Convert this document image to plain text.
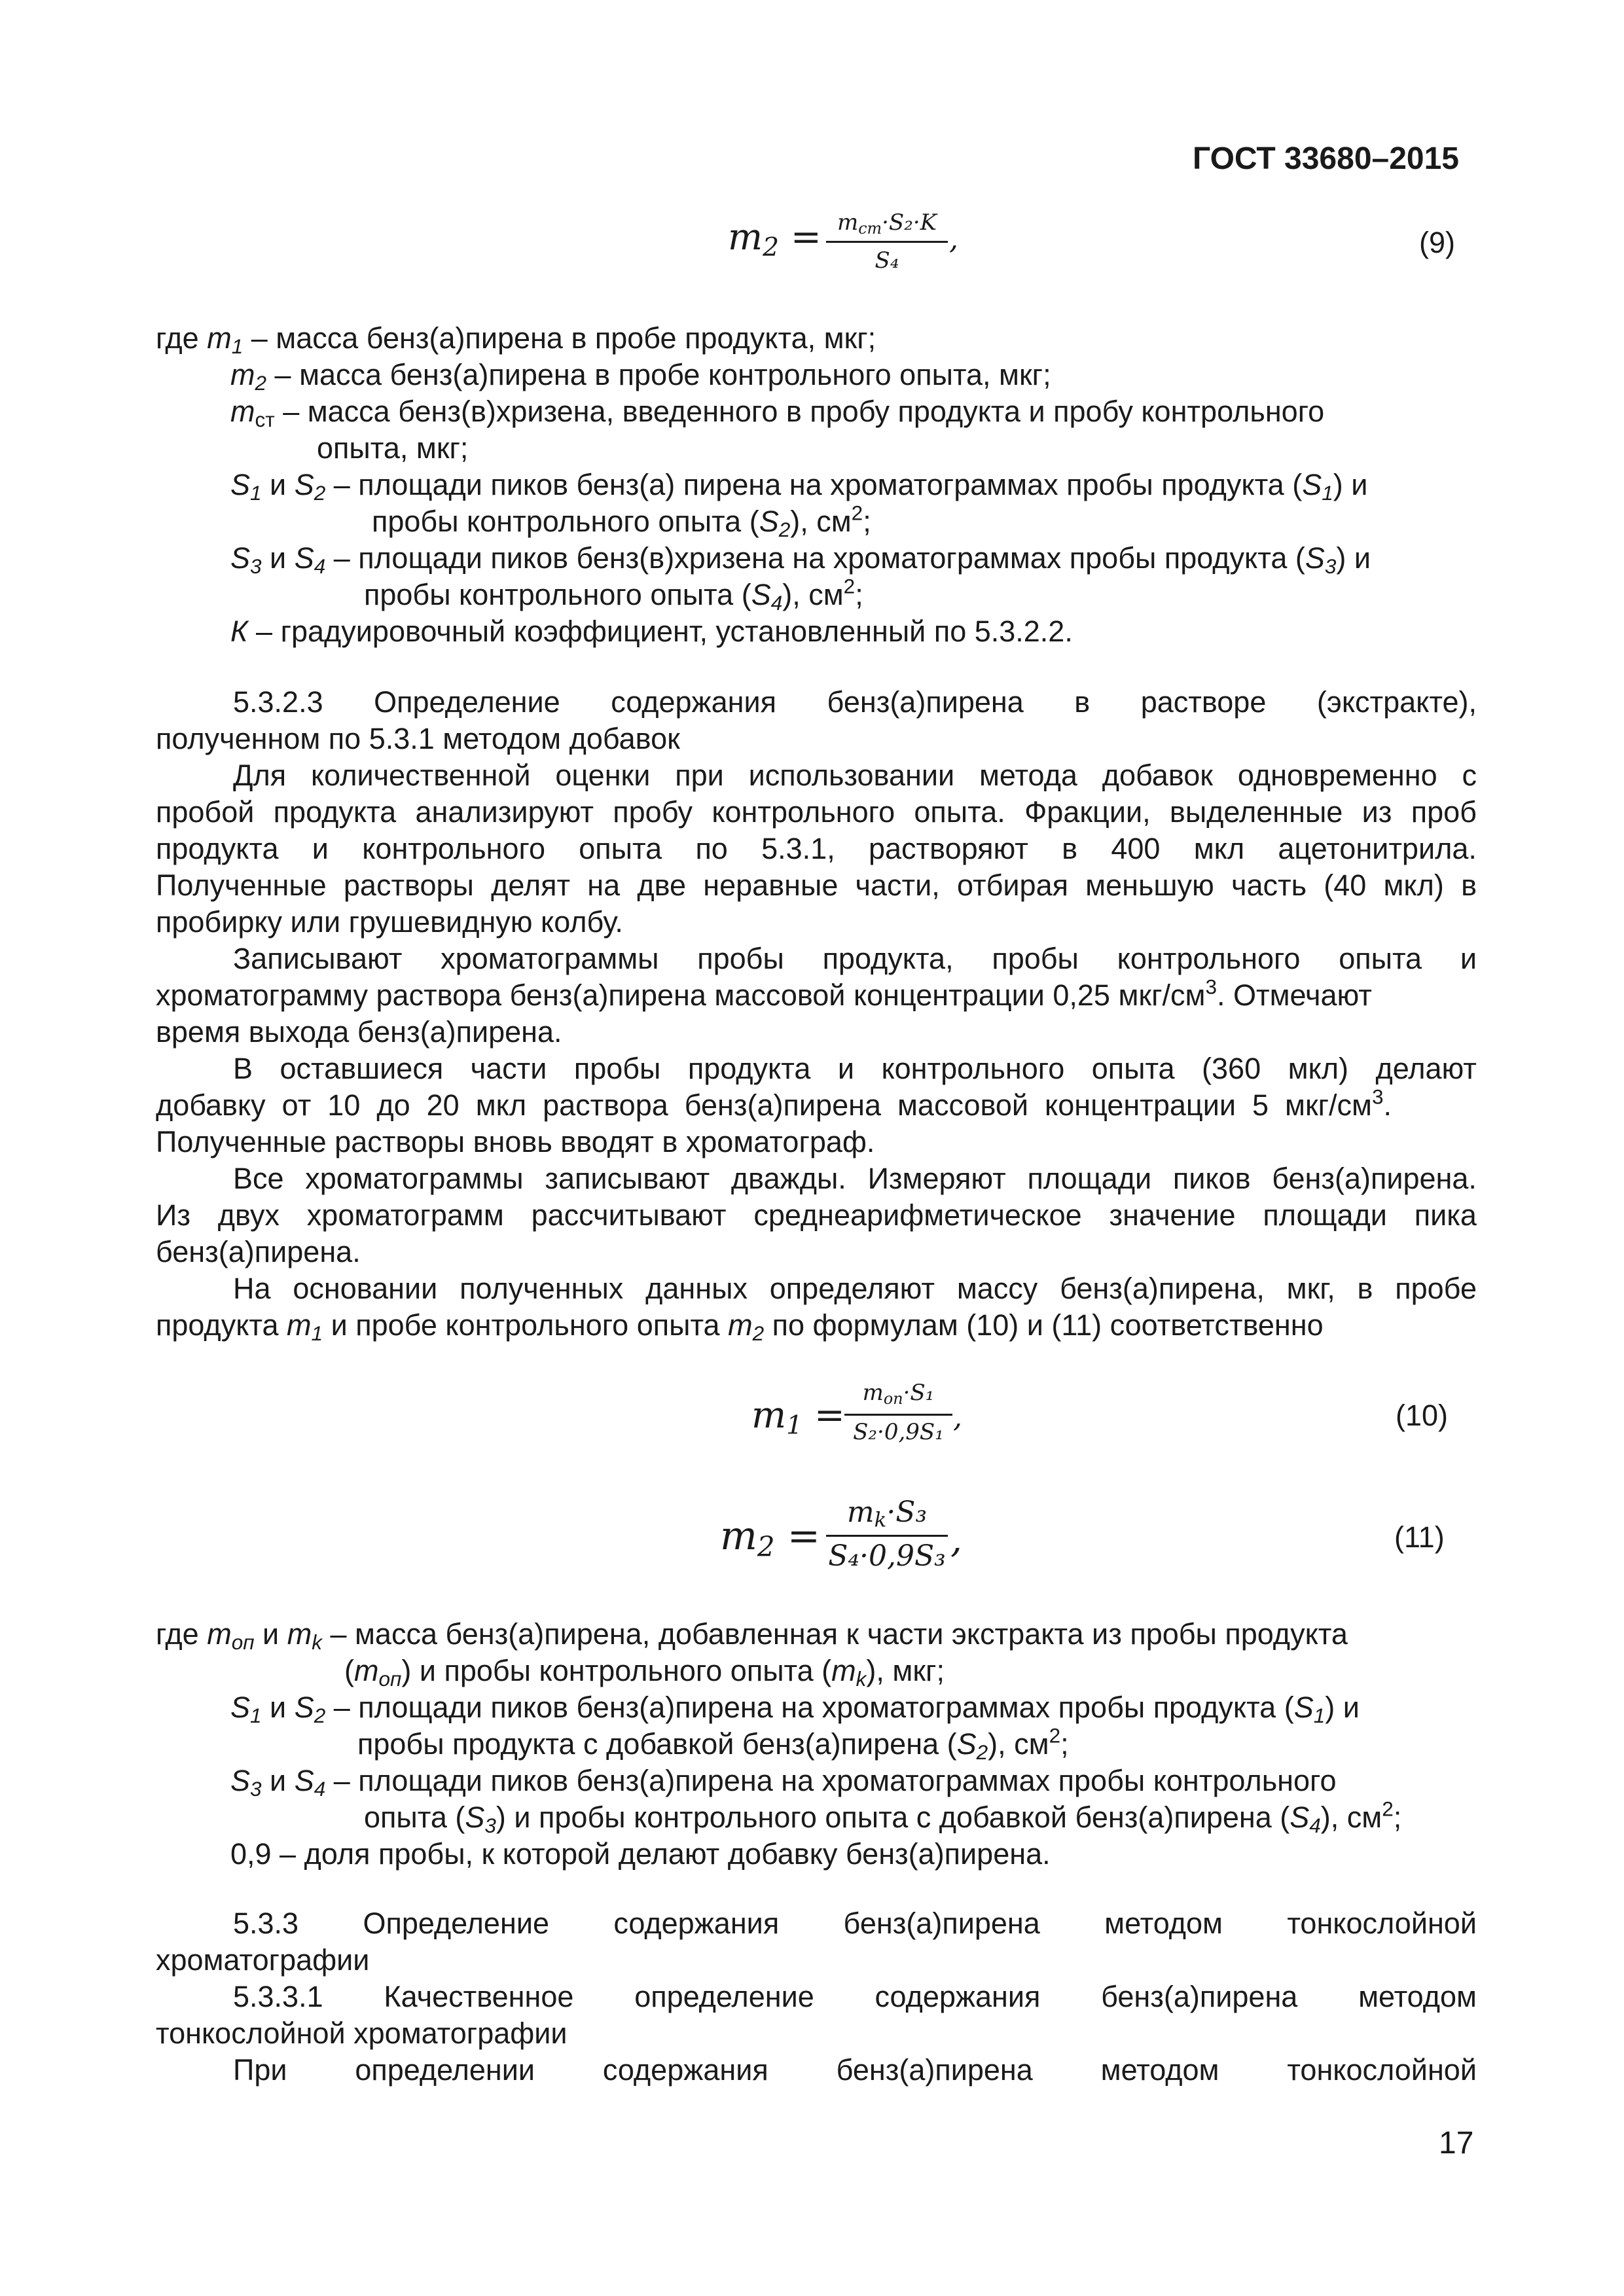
ГОСТ 33680–2015
$m_2 = m_{ст}\cdot S_2\cdot K$
S₄
,	(9)
где $m_1$ – масса бенз(а)пирена в пробе продукта, мкг;
$m_2$ – масса бенз(а)пирена в пробе контрольного опыта, мкг;
$m_{ст}$ – масса бенз(в)хризена, введенного в пробу продукта и пробу контрольного
опыта, мкг;
$S_1$ и $S_2$ – площади пиков бенз(а) пирена на хроматограммах пробы продукта $(S_1)$ и
пробы контрольного опыта $(S_2)$, $см^2$;
$S_3$ и $S_4$ – площади пиков бенз(в)хризена на хроматограммах пробы продукта $(S_3)$ и
пробы контрольного опыта $(S_4)$, $см^2$;
К – градуировочный коэффициент, установленный по 5.3.2.2.
5.3.2.3 Определение содержания бенз(а)пирена в растворе (экстракте),
полученном по 5.3.1 методом добавок
Для количественной оценки при использовании метода добавок одновременно с
пробой продукта анализируют пробу контрольного опыта. Фракции, выделенные из проб
продукта и контрольного опыта по 5.3.1, растворяют в 400 мкл ацетонитрила.
Полученные растворы делят на две неравные части, отбирая меньшую часть (40 мкл) в
пробирку или грушевидную колбу.
Записывают хроматограммы пробы продукта, пробы контрольного опыта и
хроматограмму раствора бенз(а)пирена массовой концентрации 0,25 мкг/$см^3$. Отмечают
время выхода бенз(а)пирена.
В оставшиеся части пробы продукта и контрольного опыта (360 мкл) делают
добавку  от  10  до  20  мкл  раствора  бенз(а)пирена  массовой  концентрации  5  мкг/$см^3$.
Полученные растворы вновь вводят в хроматограф.
Все хроматограммы записывают дважды. Измеряют площади пиков бенз(а)пирена.
Из двух хроматограмм рассчитывают среднеарифметическое значение площади пика
бенз(а)пирена.
На основании полученных данных определяют массу бенз(а)пирена, мкг, в пробе
продукта $m_1$ и пробе контрольного опыта $m_2$ по формулам (10) и (11) соответственно
$m_1$ =
$m_{оп}\cdot S_1$
S₂·0,9S₁ ,	(10)
$m_2$ =
$m_k\cdot S_3$
S₄·0,9S₃ ,	(11)
где $m_{оп}$ и $m_k$ – масса бенз(а)пирена, добавленная к части экстракта из пробы продукта
$(m_{оп})$ и пробы контрольного опыта $(m_k)$, мкг;
$S_1$ и $S_2$ – площади пиков бенз(а)пирена на хроматограммах пробы продукта $(S_1)$ и
пробы продукта с добавкой бенз(а)пирена $(S_2)$, $см^2$;
$S_3$ и $S_4$ – площади пиков бенз(а)пирена на хроматограммах пробы контрольного
опыта $(S_3)$ и пробы контрольного опыта с добавкой бенз(а)пирена $(S_4)$, $см^2$;
0,9 – доля пробы, к которой делают добавку бенз(а)пирена.
5.3.3 Определение содержания бенз(а)пирена методом тонкослойной
хроматографии
5.3.3.1 Качественное определение содержания бенз(а)пирена методом
тонкослойной хроматографии
При определении содержания бенз(а)пирена методом тонкослойной
17
